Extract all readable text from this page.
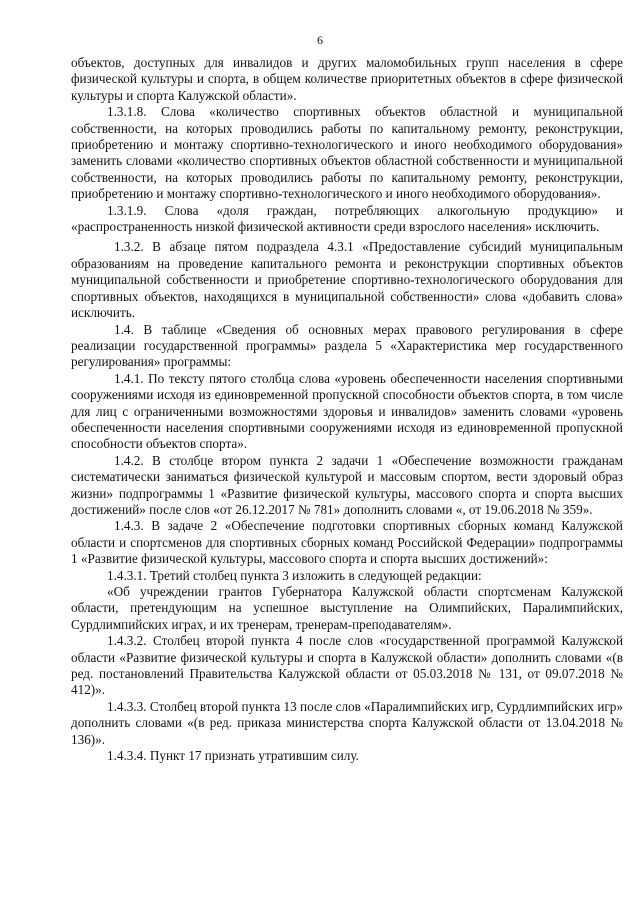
6

объектов, доступных для инвалидов и других маломобильных групп населения в сфере физической культуры и спорта, в общем количестве приоритетных объектов в сфере физической культуры и спорта Калужской области».

1.3.1.8. Слова «количество спортивных объектов областной и муниципальной собственности, на которых проводились работы по капитальному ремонту, реконструкции, приобретению и монтажу спортивно-технологического и иного необходимого оборудования» заменить словами «количество спортивных объектов областной собственности и муниципальной собственности, на которых проводились работы по капитальному ремонту, реконструкции, приобретению и монтажу спортивно-технологического и иного необходимого оборудования».

1.3.1.9. Слова «доля граждан, потребляющих алкогольную продукцию» и «распространенность низкой физической активности среди взрослого населения» исключить.

1.3.2. В абзаце пятом подраздела 4.3.1 «Предоставление субсидий муниципальным образованиям на проведение капитального ремонта и реконструкции спортивных объектов муниципальной собственности и приобретение спортивно-технологического оборудования для спортивных объектов, находящихся в муниципальной собственности» слова «добавить слова» исключить.

1.4. В таблице «Сведения об основных мерах правового регулирования в сфере реализации государственной программы» раздела 5 «Характеристика мер государственного регулирования» программы:

1.4.1. По тексту пятого столбца слова «уровень обеспеченности населения спортивными сооружениями исходя из единовременной пропускной способности объектов спорта, в том числе для лиц с ограниченными возможностями здоровья и инвалидов» заменить словами «уровень обеспеченности населения спортивными сооружениями исходя из единовременной пропускной способности объектов спорта».

1.4.2. В столбце втором пункта 2 задачи 1 «Обеспечение возможности гражданам систематически заниматься физической культурой и массовым спортом, вести здоровый образ жизни» подпрограммы 1 «Развитие физической культуры, массового спорта и спорта высших достижений» после слов «от 26.12.2017 № 781» дополнить словами «, от 19.06.2018 № 359».

1.4.3. В задаче 2 «Обеспечение подготовки спортивных сборных команд Калужской области и спортсменов для спортивных сборных команд Российской Федерации» подпрограммы 1 «Развитие физической культуры, массового спорта и спорта высших достижений»:

1.4.3.1. Третий столбец пункта 3 изложить в следующей редакции:

«Об учреждении грантов Губернатора Калужской области спортсменам Калужской области, претендующим на успешное выступление на Олимпийских, Паралимпийских, Сурдлимпийских играх, и их тренерам, тренерам-преподавателям».

1.4.3.2. Столбец второй пункта 4 после слов «государственной программой Калужской области «Развитие физической культуры и спорта в Калужской области» дополнить словами «(в ред. постановлений Правительства Калужской области от 05.03.2018 № 131, от 09.07.2018 № 412)».

1.4.3.3. Столбец второй пункта 13 после слов «Паралимпийских игр, Сурдлимпийских игр» дополнить словами «(в ред. приказа министерства спорта Калужской области от 13.04.2018 № 136)».

1.4.3.4. Пункт 17 признать утратившим силу.
